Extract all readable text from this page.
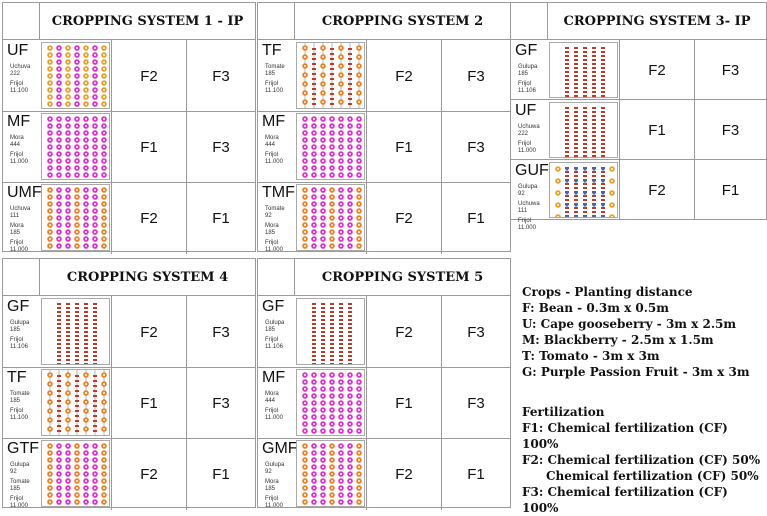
CROPPING SYSTEM 1 - IP
UF
Uchuva
222
Frijol
11.100
F2	F3
MF
Mora
444
Frijol
11.000
F1	F3
UMF
Uchuva
111
Mora
185
Frijol
11.000
F2	F1
CROPPING SYSTEM 2
TF
Tomate
185
Frijol
11.100
F2	F3
MF
Mora
444
Frijol
11.000
F1	F3
TMF
Tomate
92
Mora
185
Frijol
11.000
F2	F1
CROPPING SYSTEM 3- IP
GF
Gulupa
185
Frijol
11.106
F2	F3
UF
Uchuwa
222
Frijol
11.000
F1	F3
GUF
Gulupa
92
Uchuwa
111
Frijol
11.000
F2	F1
CROPPING SYSTEM 4
GF
Gulupa
185
Frijol
11.106
F2	F3
TF
Tomate
185
Frijol
11.100
F1	F3
GTF
Gulupa
92
Tomate
185
Frijol
11.000
F2	F1
CROPPING SYSTEM 5
GF
Gulupa
185
Frijol
11.106
F2	F3
MF
Mora
444
Frijol
11.000
F1	F3
GMF
Gulupa
92
Mora
185
Frijol
11.000
F2	F1
Crops - Planting distance
F: Bean - 0.3m x 0.5m
U: Cape gooseberry - 3m x 2.5m
M: Blackberry - 2.5m x 1.5m
T: Tomato - 3m x 3m
G: Purple Passion Fruit - 3m x 3m
Fertilization
F1: Chemical fertilization (CF) 100%
F2: Chemical fertilization (CF) 50%
Chemical fertilization (CF) 50%
F3: Chemical fertilization (CF) 100%
